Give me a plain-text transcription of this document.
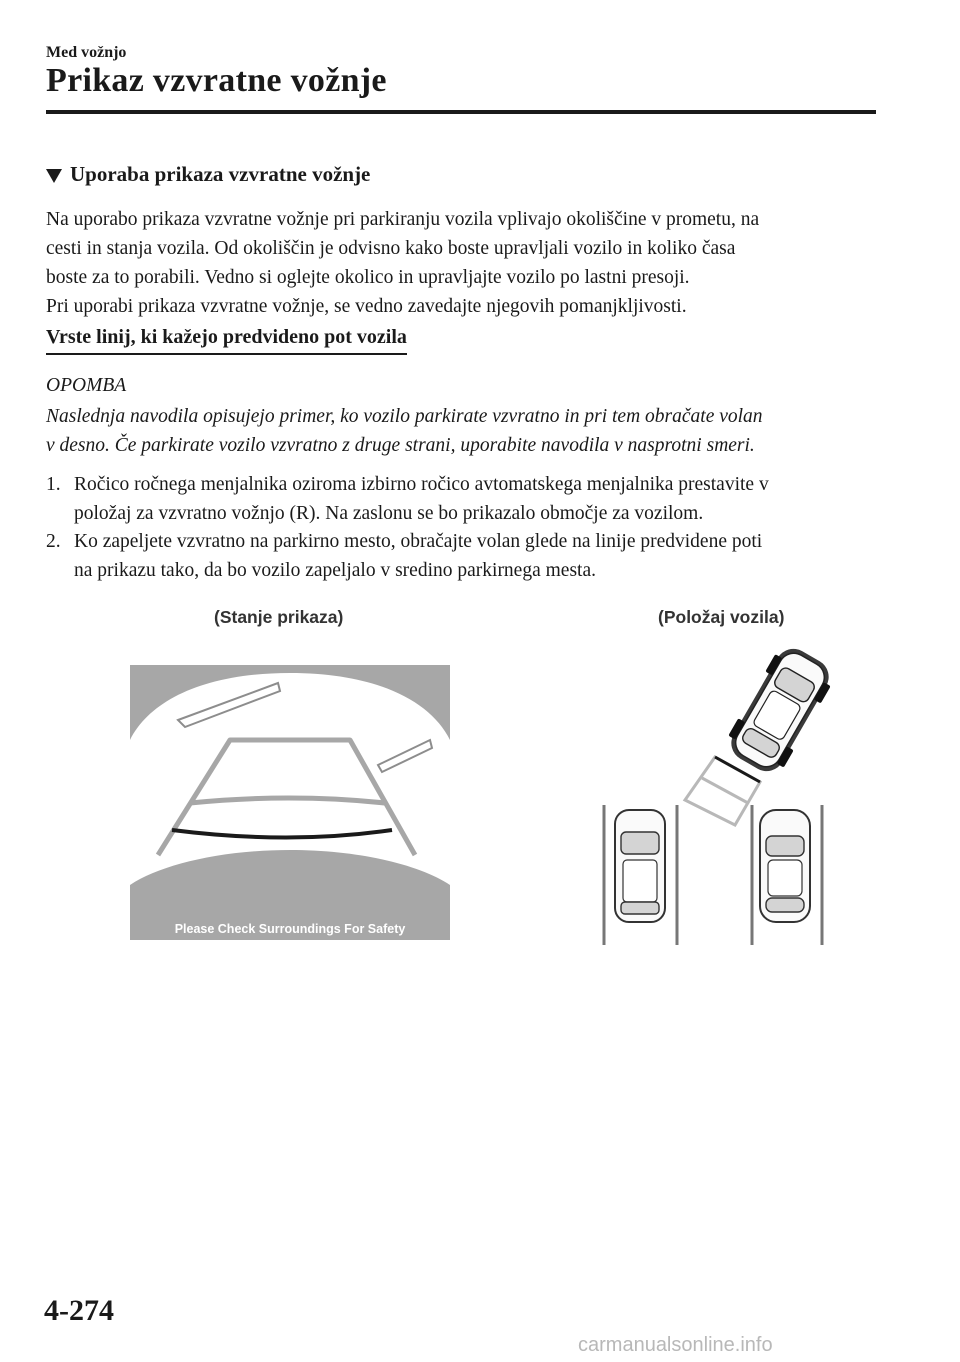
Med vožnjo
Prikaz vzvratne vožnje
Uporaba prikaza vzvratne vožnje
Na uporabo prikaza vzvratne vožnje pri parkiranju vozila vplivajo okoliščine v prometu, na
cesti in stanja vozila. Od okoliščin je odvisno kako boste upravljali vozilo in koliko časa
boste za to porabili. Vedno si oglejte okolico in upravljajte vozilo po lastni presoji.
Pri uporabi prikaza vzvratne vožnje, se vedno zavedajte njegovih pomanjkljivosti.
Vrste linij, ki kažejo predvideno pot vozila
OPOMBA
Naslednja navodila opisujejo primer, ko vozilo parkirate vzvratno in pri tem obračate volan
v desno. Če parkirate vozilo vzvratno z druge strani, uporabite navodila v nasprotni smeri.
1. Ročico ročnega menjalnika oziroma izbirno ročico avtomatskega menjalnika prestavite v
položaj za vzvratno vožnjo (R). Na zaslonu se bo prikazalo območje za vozilom.
2. Ko zapeljete vzvratno na parkirno mesto, obračajte volan glede na linije predvidene poti
na prikazu tako, da bo vozilo zapeljalo v sredino parkirnega mesta.
(Stanje prikaza)	(Položaj vozila)
Please Check Surroundings For Safety
4-274
carmanualsonline.info
